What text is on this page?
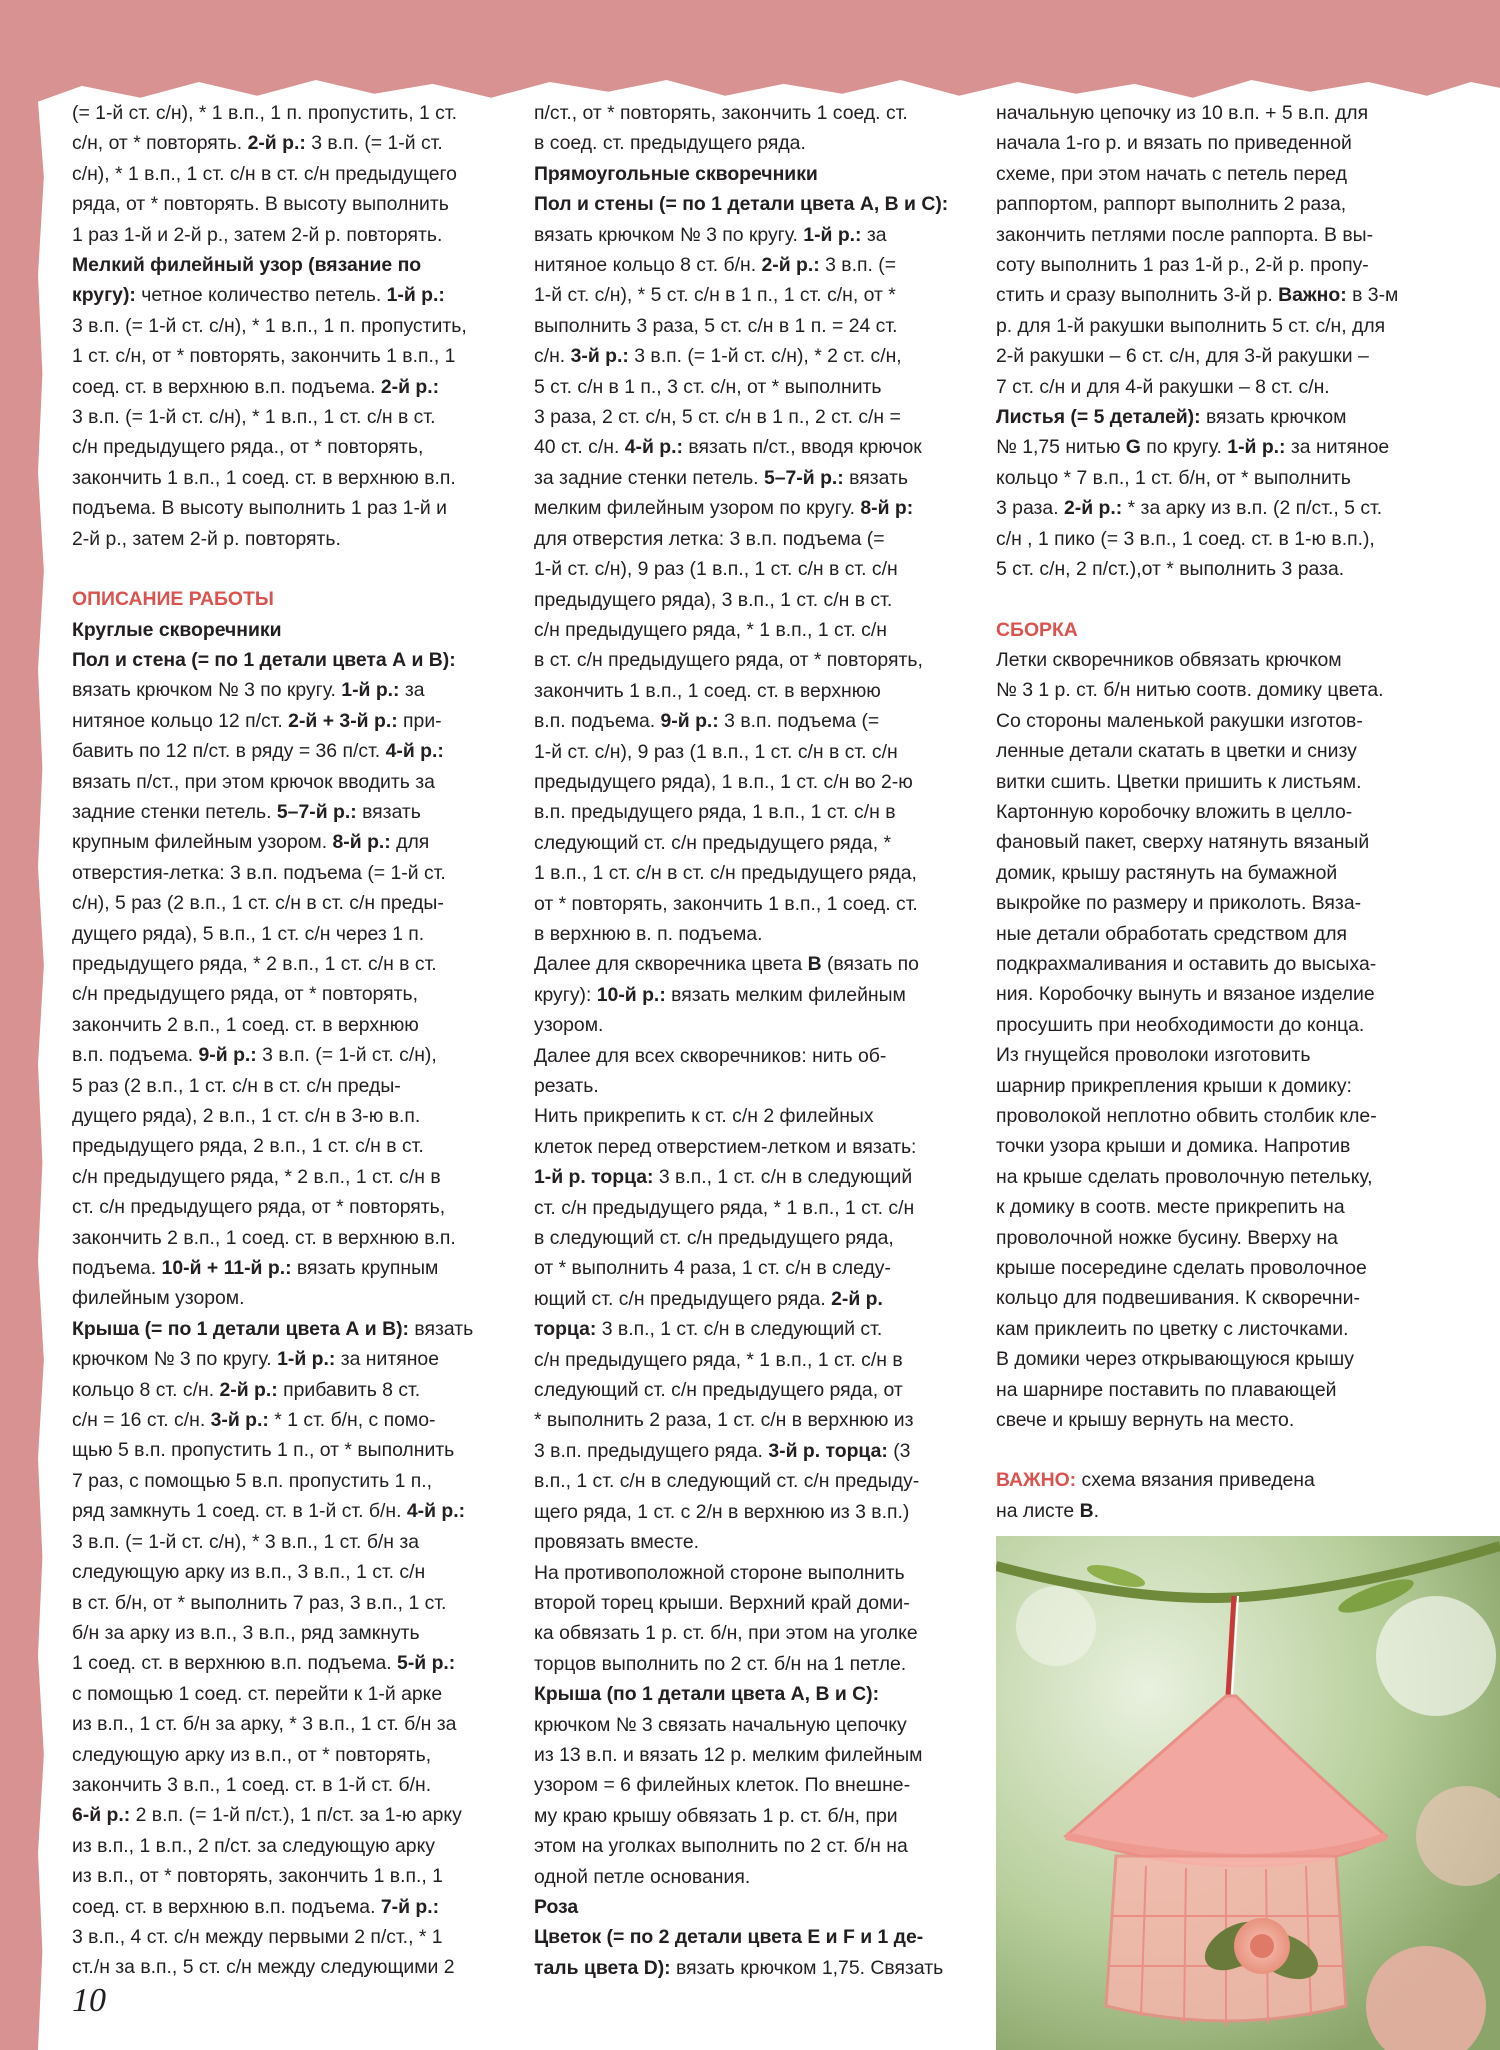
(= 1-й ст. с/н), * 1 в.п., 1 п. пропустить, 1 ст.

с/н, от * повторять. 2-й р.: 3 в.п. (= 1-й ст.

с/н), * 1 в.п., 1 ст. с/н в ст. с/н предыдущего

ряда, от * повторять. В высоту выполнить

1 раз 1-й и 2-й р., затем 2-й р. повторять.

Мелкий филейный узор (вязание по

кругу): четное количество петель. 1-й р.:

3 в.п. (= 1-й ст. с/н), * 1 в.п., 1 п. пропустить,

1 ст. с/н, от * повторять, закончить 1 в.п., 1

соед. ст. в верхнюю в.п. подъема. 2-й р.:

3 в.п. (= 1-й ст. с/н), * 1 в.п., 1 ст. с/н в ст.

с/н предыдущего ряда., от * повторять,

закончить 1 в.п., 1 соед. ст. в верхнюю в.п.

подъема. В высоту выполнить 1 раз 1-й и

2-й р., затем 2-й р. повторять.

ОПИСАНИЕ РАБОТЫ

Круглые скворечники

Пол и стена (= по 1 детали цвета А и В):

вязать крючком № 3 по кругу. 1-й р.: за

нитяное кольцо 12 п/ст. 2-й + 3-й р.: при-

бавить по 12 п/ст. в ряду = 36 п/ст. 4-й р.:

вязать п/ст., при этом крючок вводить за

задние стенки петель. 5–7-й р.: вязать

крупным филейным узором. 8-й р.: для

отверстия-летка: 3 в.п. подъема (= 1-й ст.

с/н), 5 раз (2 в.п., 1 ст. с/н в ст. с/н преды-

дущего ряда), 5 в.п., 1 ст. с/н через 1 п.

предыдущего ряда, * 2 в.п., 1 ст. с/н в ст.

с/н предыдущего ряда, от * повторять,

закончить 2 в.п., 1 соед. ст. в верхнюю

в.п. подъема. 9-й р.: 3 в.п. (= 1-й ст. с/н),

5 раз (2 в.п., 1 ст. с/н в ст. с/н преды-

дущего ряда), 2 в.п., 1 ст. с/н в 3-ю в.п.

предыдущего ряда, 2 в.п., 1 ст. с/н в ст.

с/н предыдущего ряда, * 2 в.п., 1 ст. с/н в

ст. с/н предыдущего ряда, от * повторять,

закончить 2 в.п., 1 соед. ст. в верхнюю в.п.

подъема. 10-й + 11-й р.: вязать крупным

филейным узором.

Крыша (= по 1 детали цвета А и В): вязать

крючком № 3 по кругу. 1-й р.: за нитяное

кольцо 8 ст. с/н. 2-й р.: прибавить 8 ст.

с/н = 16 ст. с/н. 3-й р.: * 1 ст. б/н, с помо-

щью 5 в.п. пропустить 1 п., от * выполнить

7 раз, с помощью 5 в.п. пропустить 1 п.,

ряд замкнуть 1 соед. ст. в 1-й ст. б/н. 4-й р.:

3 в.п. (= 1-й ст. с/н), * 3 в.п., 1 ст. б/н за

следующую арку из в.п., 3 в.п., 1 ст. с/н

в ст. б/н, от * выполнить 7 раз, 3 в.п., 1 ст.

б/н за арку из в.п., 3 в.п., ряд замкнуть

1 соед. ст. в верхнюю в.п. подъема. 5-й р.:

с помощью 1 соед. ст. перейти к 1-й арке

из в.п., 1 ст. б/н за арку, * 3 в.п., 1 ст. б/н за

следующую арку из в.п., от * повторять,

закончить 3 в.п., 1 соед. ст. в 1-й ст. б/н.

6-й р.: 2 в.п. (= 1-й п/ст.), 1 п/ст. за 1-ю арку

из в.п., 1 в.п., 2 п/ст. за следующую арку

из в.п., от * повторять, закончить 1 в.п., 1

соед. ст. в верхнюю в.п. подъема. 7-й р.:

3 в.п., 4 ст. с/н между первыми 2 п/ст., * 1

ст./н за в.п., 5 ст. с/н между следующими 2

п/ст., от * повторять, закончить 1 соед. ст.

в соед. ст. предыдущего ряда.

Прямоугольные скворечники

Пол и стены (= по 1 детали цвета А, В и С):

вязать крючком № 3 по кругу. 1-й р.: за

нитяное кольцо 8 ст. б/н. 2-й р.: 3 в.п. (=

1-й ст. с/н), * 5 ст. с/н в 1 п., 1 ст. с/н, от *

выполнить 3 раза, 5 ст. с/н в 1 п. = 24 ст.

с/н. 3-й р.: 3 в.п. (= 1-й ст. с/н), * 2 ст. с/н,

5 ст. с/н в 1 п., 3 ст. с/н, от * выполнить

3 раза, 2 ст. с/н, 5 ст. с/н в 1 п., 2 ст. с/н =

40 ст. с/н. 4-й р.: вязать п/ст., вводя крючок

за задние стенки петель. 5–7-й р.: вязать

мелким филейным узором по кругу. 8-й р:

для отверстия летка: 3 в.п. подъема (=

1-й ст. с/н), 9 раз (1 в.п., 1 ст. с/н в ст. с/н

предыдущего ряда), 3 в.п., 1 ст. с/н в ст.

с/н предыдущего ряда, * 1 в.п., 1 ст. с/н

в ст. с/н предыдущего ряда, от * повторять,

закончить 1 в.п., 1 соед. ст. в верхнюю

в.п. подъема. 9-й р.: 3 в.п. подъема (=

1-й ст. с/н), 9 раз (1 в.п., 1 ст. с/н в ст. с/н

предыдущего ряда), 1 в.п., 1 ст. с/н во 2-ю

в.п. предыдущего ряда, 1 в.п., 1 ст. с/н в

следующий ст. с/н предыдущего ряда, *

1 в.п., 1 ст. с/н в ст. с/н предыдущего ряда,

от * повторять, закончить 1 в.п., 1 соед. ст.

в верхнюю в. п. подъема.

Далее для скворечника цвета В (вязать по

кругу): 10-й р.: вязать мелким филейным

узором.

Далее для всех скворечников: нить об-

резать.

Нить прикрепить к ст. с/н 2 филейных

клеток перед отверстием-летком и вязать:

1-й р. торца: 3 в.п., 1 ст. с/н в следующий

ст. с/н предыдущего ряда, * 1 в.п., 1 ст. с/н

в следующий ст. с/н предыдущего ряда,

от * выполнить 4 раза, 1 ст. с/н в следу-

ющий ст. с/н предыдущего ряда. 2-й р.

торца: 3 в.п., 1 ст. с/н в следующий ст.

с/н предыдущего ряда, * 1 в.п., 1 ст. с/н в

следующий ст. с/н предыдущего ряда, от

* выполнить 2 раза, 1 ст. с/н в верхнюю из

3 в.п. предыдущего ряда. 3-й р. торца: (3

в.п., 1 ст. с/н в следующий ст. с/н предыду-

щего ряда, 1 ст. с 2/н в верхнюю из 3 в.п.)

провязать вместе.

На противоположной стороне выполнить

второй торец крыши. Верхний край доми-

ка обвязать 1 р. ст. б/н, при этом на уголке

торцов выполнить по 2 ст. б/н на 1 петле.

Крыша (по 1 детали цвета А, В и С):

крючком № 3 связать начальную цепочку

из 13 в.п. и вязать 12 р. мелким филейным

узором = 6 филейных клеток. По внешне-

му краю крышу обвязать 1 р. ст. б/н, при

этом на уголках выполнить по 2 ст. б/н на

одной петле основания.

Роза

Цветок (= по 2 детали цвета E и F и 1 де-

таль цвета D): вязать крючком 1,75. Связать

начальную цепочку из 10 в.п. + 5 в.п. для

начала 1-го р. и вязать по приведенной

схеме, при этом начать с петель перед

раппортом, раппорт выполнить 2 раза,

закончить петлями после раппорта. В вы-

соту выполнить 1 раз 1-й р., 2-й р. пропу-

стить и сразу выполнить 3-й р. Важно: в 3-м

р. для 1-й ракушки выполнить 5 ст. с/н, для

2-й ракушки – 6 ст. с/н, для 3-й ракушки –

7 ст. с/н и для 4-й ракушки – 8 ст. с/н.

Листья (= 5 деталей): вязать крючком

№ 1,75 нитью G по кругу. 1-й р.: за нитяное

кольцо * 7 в.п., 1 ст. б/н, от * выполнить

3 раза. 2-й р.: * за арку из в.п. (2 п/ст., 5 ст.

с/н , 1 пико (= 3 в.п., 1 соед. ст. в 1-ю в.п.),

5 ст. с/н, 2 п/ст.),от * выполнить 3 раза.

СБОРКА

Летки скворечников обвязать крючком

№ 3 1 р. ст. б/н нитью соотв. домику цвета.

Со стороны маленькой ракушки изготов-

ленные детали скатать в цветки и снизу

витки сшить. Цветки пришить к листьям.

Картонную коробочку вложить в целло-

фановый пакет, сверху натянуть вязаный

домик, крышу растянуть на бумажной

выкройке по размеру и приколоть. Вяза-

ные детали обработать средством для

подкрахмаливания и оставить до высыха-

ния. Коробочку вынуть и вязаное изделие

просушить при необходимости до конца.

Из гнущейся проволоки изготовить

шарнир прикрепления крыши к домику:

проволокой неплотно обвить столбик кле-

точки узора крыши и домика. Напротив

на крыше сделать проволочную петельку,

к домику в соотв. месте прикрепить на

проволочной ножке бусину. Вверху на

крыше посередине сделать проволочное

кольцо для подвешивания. К скворечни-

кам приклеить по цветку с листочками.

В домики через открывающуюся крышу

на шарнире поставить по плавающей

свече и крышу вернуть на место.

ВАЖНО: схема вязания приведена

на листе В.

10
